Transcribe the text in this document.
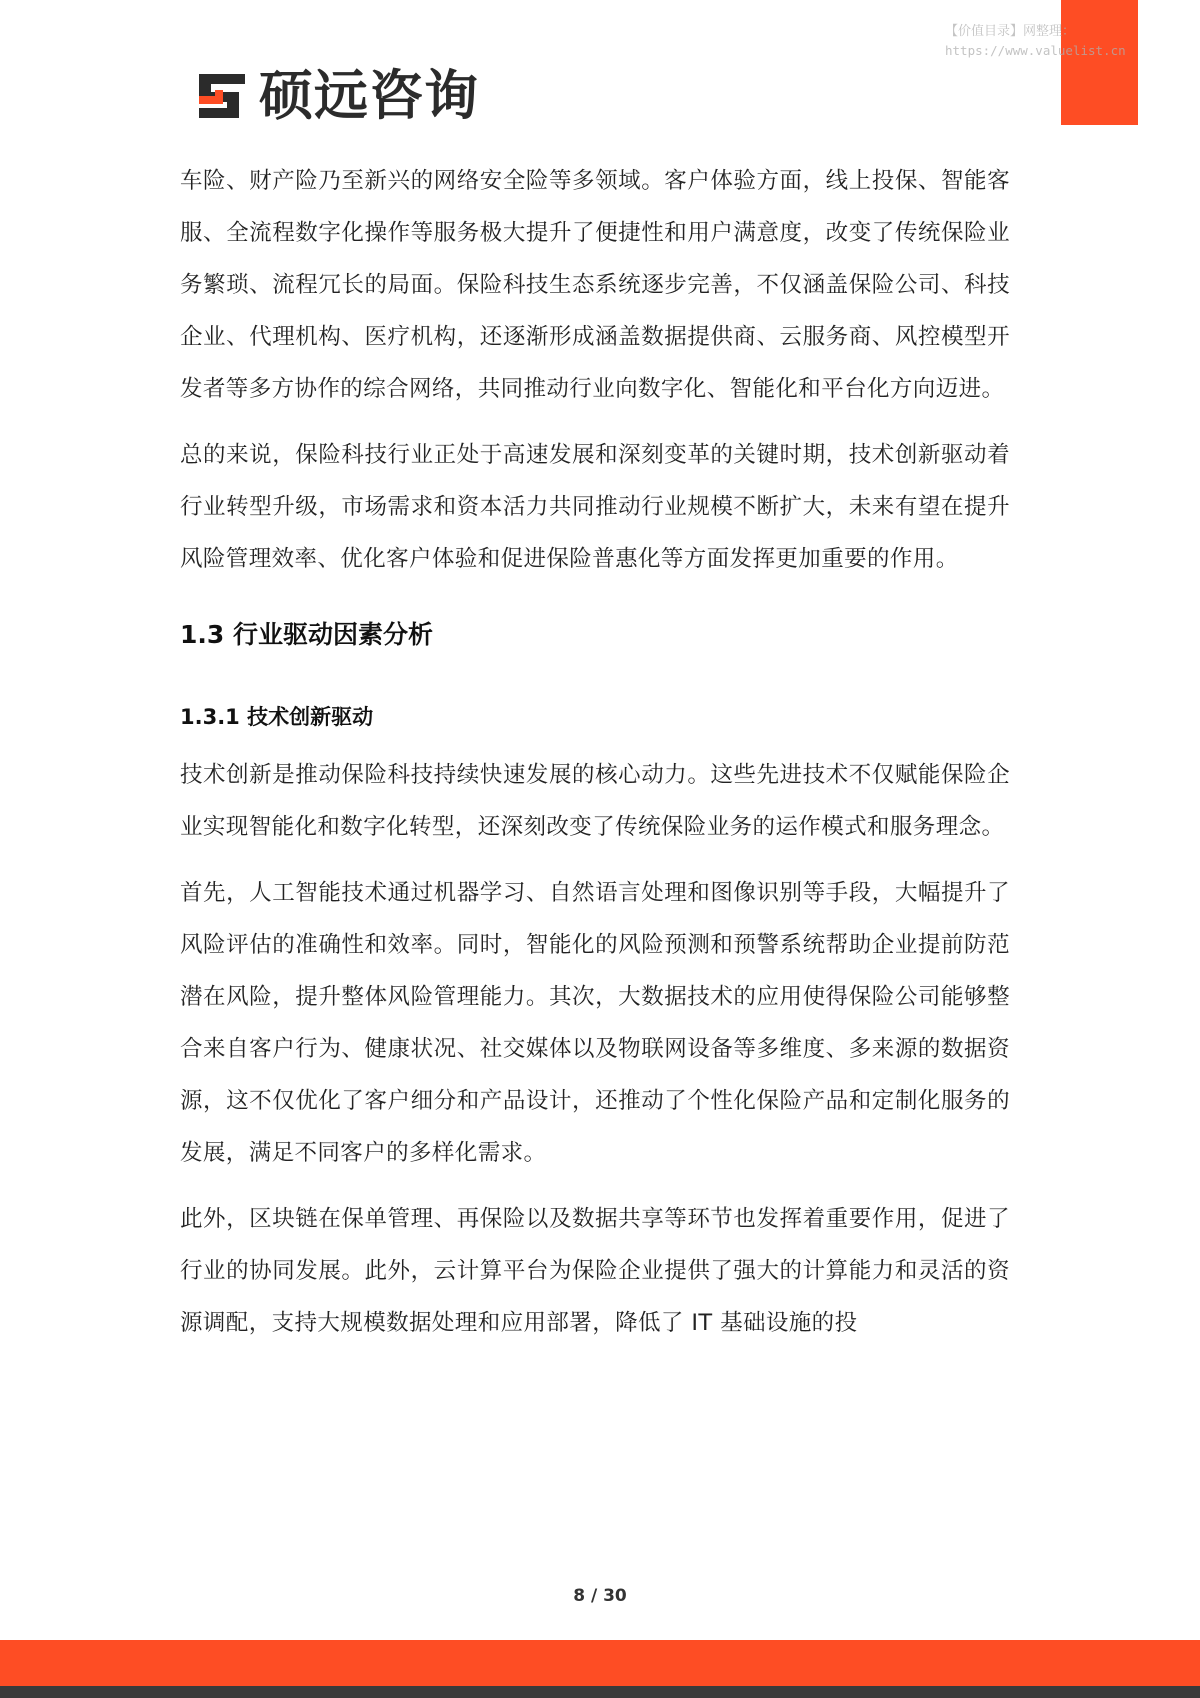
【价值目录】网整理：
https://www.valuelist.cn
硕远咨询

车险、财产险乃至新兴的网络安全险等多领域。客户体验方面，线上投保、智能客服、全流程数字化操作等服务极大提升了便捷性和用户满意度，改变了传统保险业务繁琐、流程冗长的局面。保险科技生态系统逐步完善，不仅涵盖保险公司、科技企业、代理机构、医疗机构，还逐渐形成涵盖数据提供商、云服务商、风控模型开发者等多方协作的综合网络，共同推动行业向数字化、智能化和平台化方向迈进。

总的来说，保险科技行业正处于高速发展和深刻变革的关键时期，技术创新驱动着行业转型升级，市场需求和资本活力共同推动行业规模不断扩大，未来有望在提升风险管理效率、优化客户体验和促进保险普惠化等方面发挥更加重要的作用。

1.3 行业驱动因素分析
1.3.1 技术创新驱动

技术创新是推动保险科技持续快速发展的核心动力。这些先进技术不仅赋能保险企业实现智能化和数字化转型，还深刻改变了传统保险业务的运作模式和服务理念。

首先，人工智能技术通过机器学习、自然语言处理和图像识别等手段，大幅提升了风险评估的准确性和效率。同时，智能化的风险预测和预警系统帮助企业提前防范潜在风险，提升整体风险管理能力。其次，大数据技术的应用使得保险公司能够整合来自客户行为、健康状况、社交媒体以及物联网设备等多维度、多来源的数据资源，这不仅优化了客户细分和产品设计，还推动了个性化保险产品和定制化服务的发展，满足不同客户的多样化需求。

此外，区块链在保单管理、再保险以及数据共享等环节也发挥着重要作用，促进了行业的协同发展。此外，云计算平台为保险企业提供了强大的计算能力和灵活的资源调配，支持大规模数据处理和应用部署，降低了 IT 基础设施的投

8 / 30
